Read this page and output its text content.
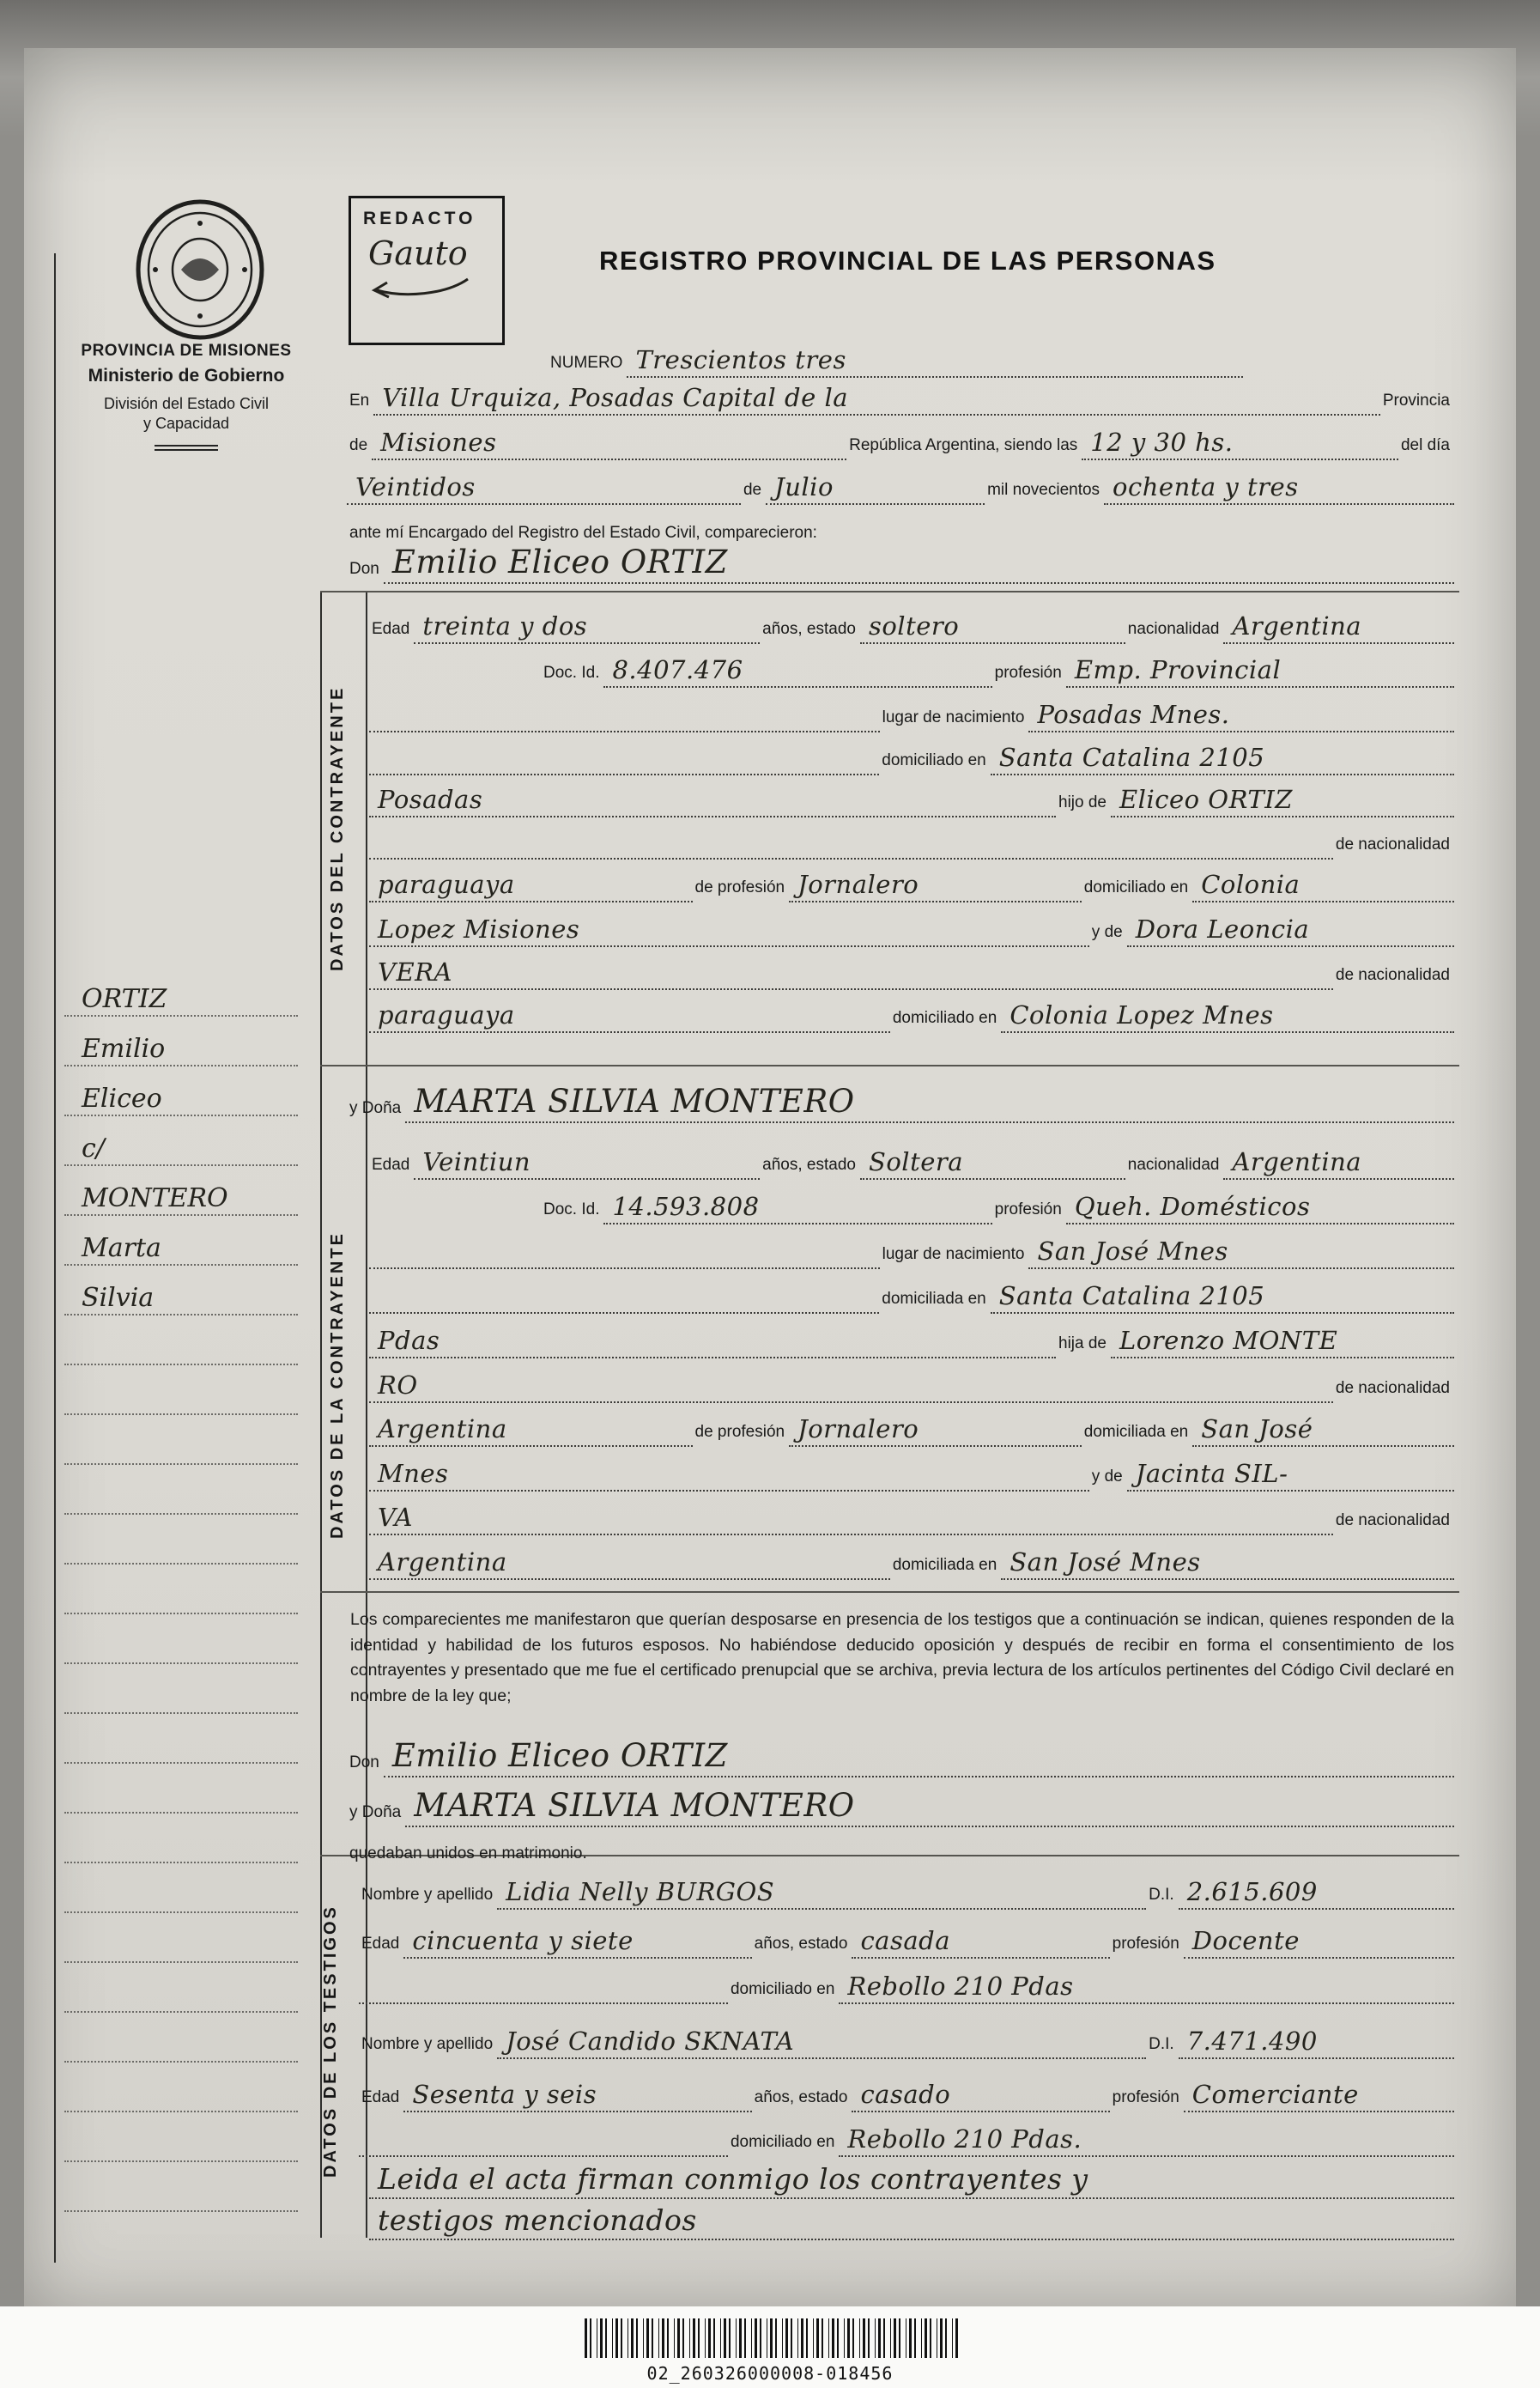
PROVINCIA DE MISIONES
Ministerio de Gobierno
División del Estado Civil
y Capacidad
REDACTO
Gauto	REGISTRO PROVINCIAL DE LAS PERSONAS
NUMERO Trescientos tres
En Villa Urquiza, Posadas Capital de la	Provincia
de Misiones	República Argentina, siendo las 12 y 30 hs.	del día
Veintidos	de Julio	mil novecientos ochenta y tres
ante mí Encargado del Registro del Estado Civil, comparecieron:
Don Emilio Eliceo ORTIZ
DATOS DEL CONTRAYENTE
DATOS DE LA CONTRAYENTE
DATOS DE LOS TESTIGOS
Edad treinta y dos	años, estado soltero	nacionalidad Argentina
Doc. Id. 8.407.476	profesión Emp. Provincial
lugar de nacimiento Posadas Mnes.
domiciliado en Santa Catalina 2105
Posadas	hijo de Eliceo ORTIZ
de nacionalidad
paraguaya	de profesión Jornalero	domiciliado en Colonia
Lopez Misiones	y de Dora Leoncia
VERA	de nacionalidad
paraguaya	domiciliado en Colonia Lopez Mnes
y Doña MARTA SILVIA MONTERO
Edad Veintiun	años, estado Soltera	nacionalidad Argentina
Doc. Id. 14.593.808	profesión Queh. Domésticos
lugar de nacimiento San José Mnes
domiciliada en Santa Catalina 2105
Pdas	hija de Lorenzo MONTE
RO	de nacionalidad
Argentina	de profesión Jornalero	domiciliada en San José
Mnes	y de Jacinta SIL-
VA	de nacionalidad
Argentina	domiciliada en San José Mnes
Los comparecientes me manifestaron que querían desposarse en presencia de los testigos que a continuación se indican, quienes responden de la identidad y habilidad de los futuros esposos. No habiéndose deducido oposición y después de recibir en forma el consentimiento de los contrayentes y presentado que me fue el certificado prenupcial que se archiva, previa lectura de los artículos pertinentes del Código Civil declaré en nombre de la ley que;
Don Emilio Eliceo ORTIZ
y Doña MARTA SILVIA MONTERO
quedaban unidos en matrimonio.
Nombre y apellido Lidia Nelly BURGOS	D.I. 2.615.609
Edad cincuenta y siete	años, estado casada	profesión Docente
domiciliado en Rebollo 210 Pdas
Nombre y apellido José Candido SKNATA	D.I. 7.471.490
Edad Sesenta y seis	años, estado casado	profesión Comerciante
domiciliado en Rebollo 210 Pdas.
Leida el acta firman conmigo los contrayentes y
testigos mencionados
ORTIZ
Emilio
Eliceo
c/
MONTERO
Marta
Silvia
02_260326000008-018456
